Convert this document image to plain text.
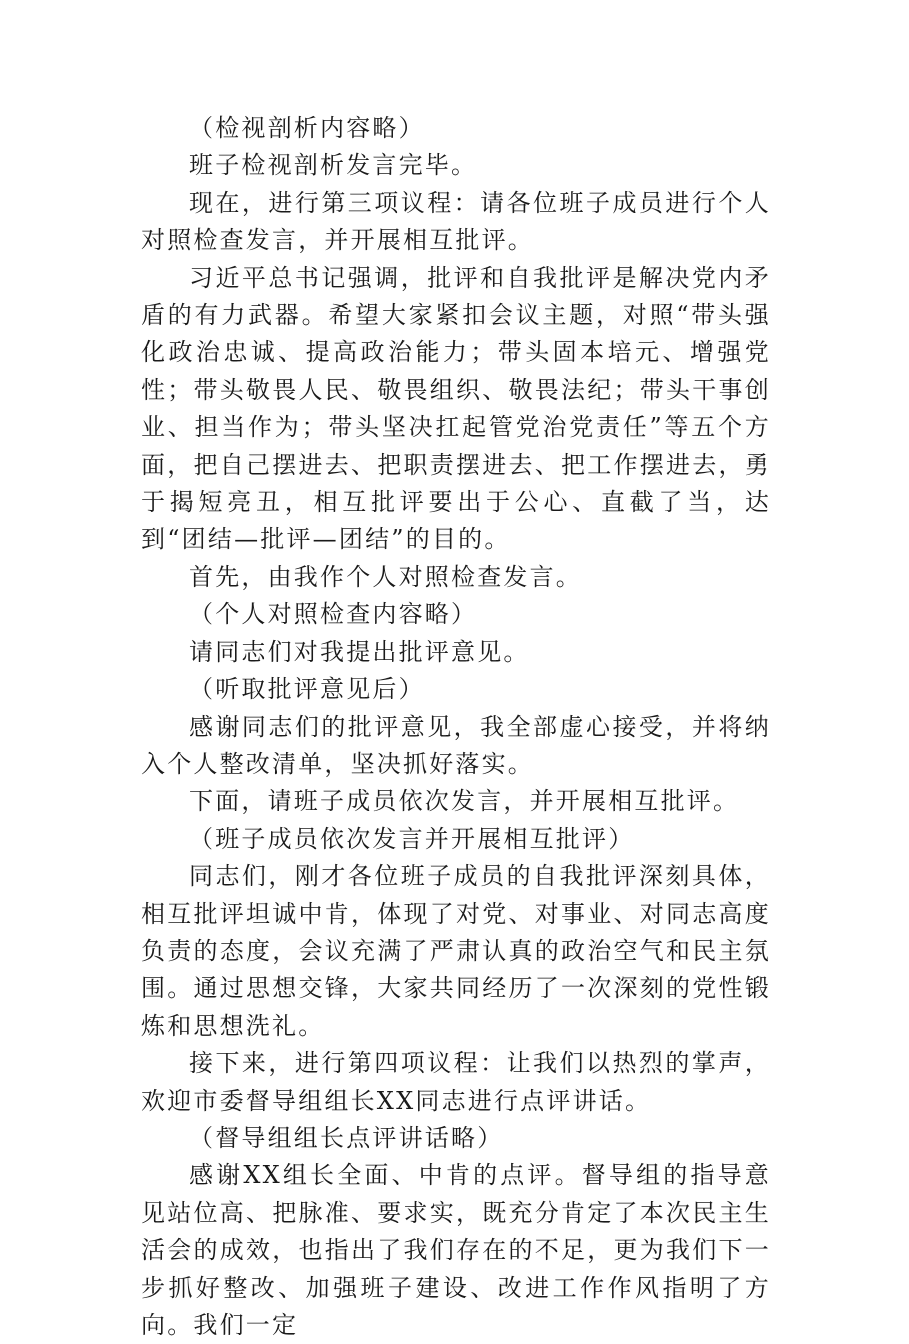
（检视剖析内容略）

班子检视剖析发言完毕。

现在，进行第三项议程：请各位班子成员进行个人对照检查发言，并开展相互批评。

习近平总书记强调，批评和自我批评是解决党内矛盾的有力武器。希望大家紧扣会议主题，对照“带头强化政治忠诚、提高政治能力；带头固本培元、增强党性；带头敬畏人民、敬畏组织、敬畏法纪；带头干事创业、担当作为；带头坚决扛起管党治党责任”等五个方面，把自己摆进去、把职责摆进去、把工作摆进去，勇于揭短亮丑，相互批评要出于公心、直截了当，达到“团结—批评—团结”的目的。

首先，由我作个人对照检查发言。

（个人对照检查内容略）

请同志们对我提出批评意见。

（听取批评意见后）

感谢同志们的批评意见，我全部虚心接受，并将纳入个人整改清单，坚决抓好落实。

下面，请班子成员依次发言，并开展相互批评。

（班子成员依次发言并开展相互批评）

同志们，刚才各位班子成员的自我批评深刻具体，相互批评坦诚中肯，体现了对党、对事业、对同志高度负责的态度，会议充满了严肃认真的政治空气和民主氛围。通过思想交锋，大家共同经历了一次深刻的党性锻炼和思想洗礼。

接下来，进行第四项议程：让我们以热烈的掌声，欢迎市委督导组组长XX同志进行点评讲话。

（督导组组长点评讲话略）

感谢XX组长全面、中肯的点评。督导组的指导意见站位高、把脉准、要求实，既充分肯定了本次民主生活会的成效，也指出了我们存在的不足，更为我们下一步抓好整改、加强班子建设、改进工作作风指明了方向。我们一定
